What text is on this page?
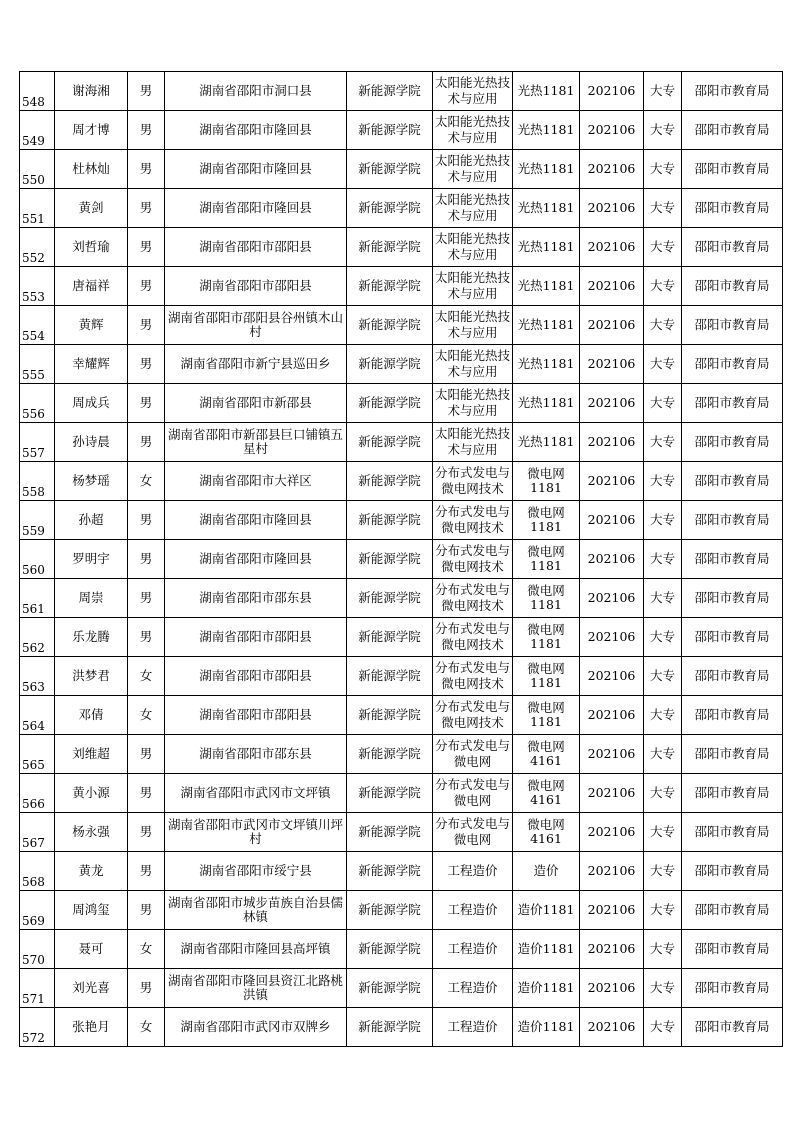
548	谢海湘	男	湖南省邵阳市洞口县	新能源学院	太阳能光热技术与应用	光热1181	202106	大专	邵阳市教育局

549	周才博	男	湖南省邵阳市隆回县	新能源学院	太阳能光热技术与应用	光热1181	202106	大专	邵阳市教育局

550	杜林灿	男	湖南省邵阳市隆回县	新能源学院	太阳能光热技术与应用	光热1181	202106	大专	邵阳市教育局

551	黄剑	男	湖南省邵阳市隆回县	新能源学院	太阳能光热技术与应用	光热1181	202106	大专	邵阳市教育局

552	刘哲瑜	男	湖南省邵阳市邵阳县	新能源学院	太阳能光热技术与应用	光热1181	202106	大专	邵阳市教育局

553	唐福祥	男	湖南省邵阳市邵阳县	新能源学院	太阳能光热技术与应用	光热1181	202106	大专	邵阳市教育局

554	黄辉	男	湖南省邵阳市邵阳县谷州镇木山村	新能源学院	太阳能光热技术与应用	光热1181	202106	大专	邵阳市教育局

555	幸耀辉	男	湖南省邵阳市新宁县巡田乡	新能源学院	太阳能光热技术与应用	光热1181	202106	大专	邵阳市教育局

556	周成兵	男	湖南省邵阳市新邵县	新能源学院	太阳能光热技术与应用	光热1181	202106	大专	邵阳市教育局

557	孙诗晨	男	湖南省邵阳市新邵县巨口铺镇五星村	新能源学院	太阳能光热技术与应用	光热1181	202106	大专	邵阳市教育局

558	杨梦瑶	女	湖南省邵阳市大祥区	新能源学院	分布式发电与微电网技术	微电网1181	202106	大专	邵阳市教育局

559	孙超	男	湖南省邵阳市隆回县	新能源学院	分布式发电与微电网技术	微电网1181	202106	大专	邵阳市教育局

560	罗明宇	男	湖南省邵阳市隆回县	新能源学院	分布式发电与微电网技术	微电网1181	202106	大专	邵阳市教育局

561	周崇	男	湖南省邵阳市邵东县	新能源学院	分布式发电与微电网技术	微电网1181	202106	大专	邵阳市教育局

562	乐龙腾	男	湖南省邵阳市邵阳县	新能源学院	分布式发电与微电网技术	微电网1181	202106	大专	邵阳市教育局

563	洪梦君	女	湖南省邵阳市邵阳县	新能源学院	分布式发电与微电网技术	微电网1181	202106	大专	邵阳市教育局

564	邓倩	女	湖南省邵阳市邵阳县	新能源学院	分布式发电与微电网技术	微电网1181	202106	大专	邵阳市教育局

565	刘维超	男	湖南省邵阳市邵东县	新能源学院	分布式发电与微电网	微电网4161	202106	大专	邵阳市教育局

566	黄小源	男	湖南省邵阳市武冈市文坪镇	新能源学院	分布式发电与微电网	微电网4161	202106	大专	邵阳市教育局

567	杨永强	男	湖南省邵阳市武冈市文坪镇川坪村	新能源学院	分布式发电与微电网	微电网4161	202106	大专	邵阳市教育局

568	黄龙	男	湖南省邵阳市绥宁县	新能源学院	工程造价	造价	202106	大专	邵阳市教育局

569	周鸿玺	男	湖南省邵阳市城步苗族自治县儒林镇	新能源学院	工程造价	造价1181	202106	大专	邵阳市教育局

570	聂可	女	湖南省邵阳市隆回县高坪镇	新能源学院	工程造价	造价1181	202106	大专	邵阳市教育局

571	刘光喜	男	湖南省邵阳市隆回县资江北路桃洪镇	新能源学院	工程造价	造价1181	202106	大专	邵阳市教育局

572	张艳月	女	湖南省邵阳市武冈市双牌乡	新能源学院	工程造价	造价1181	202106	大专	邵阳市教育局
